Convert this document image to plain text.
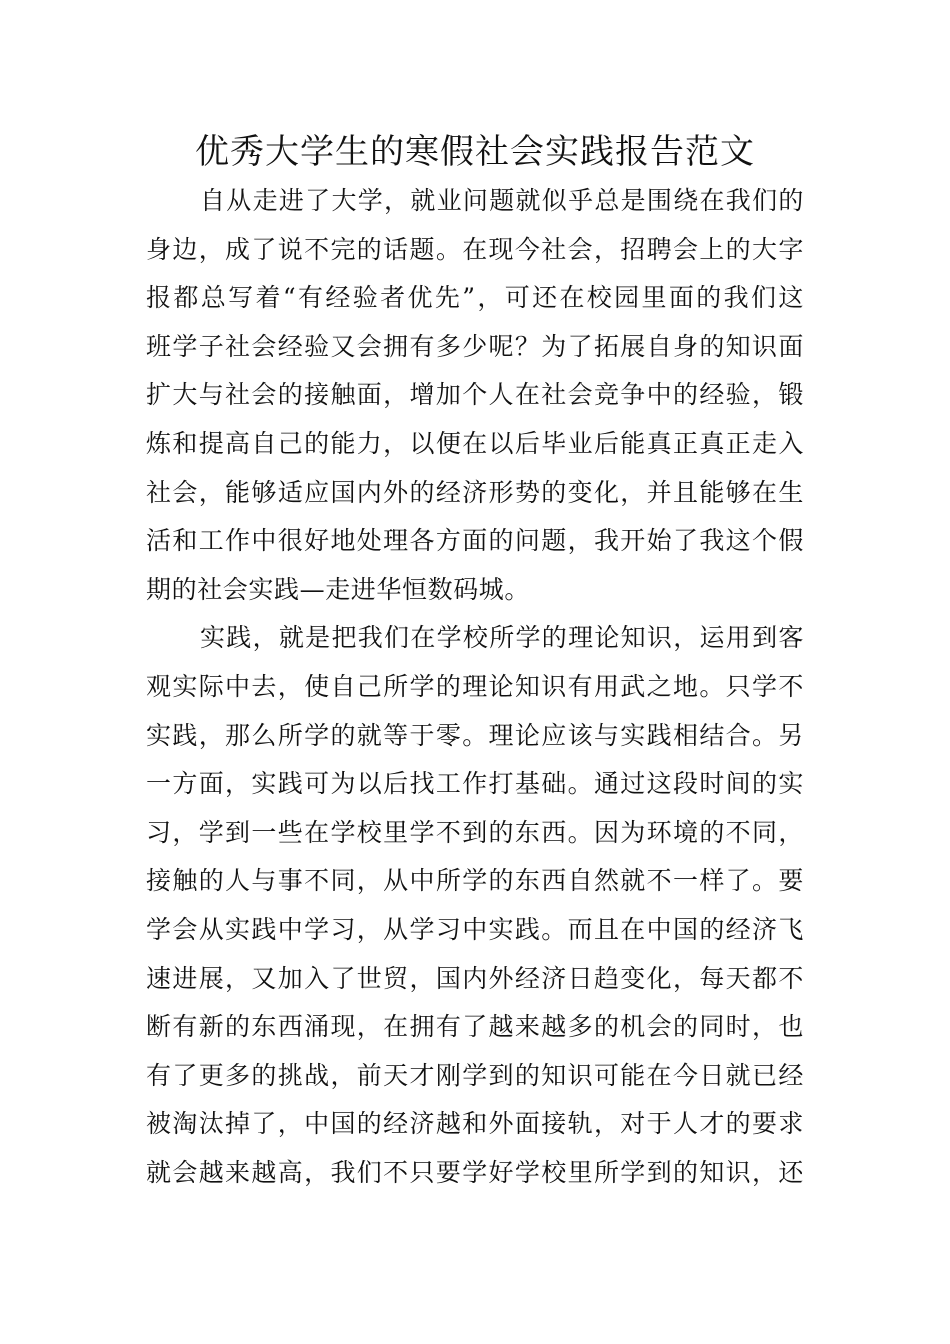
优秀大学生的寒假社会实践报告范文
自从走进了大学，就业问题就似乎总是围绕在我们的
身边，成了说不完的话题。在现今社会，招聘会上的大字
报都总写着“有经验者优先”，可还在校园里面的我们这
班学子社会经验又会拥有多少呢？为了拓展自身的知识面
扩大与社会的接触面，增加个人在社会竞争中的经验，锻
炼和提高自己的能力，以便在以后毕业后能真正真正走入
社会，能够适应国内外的经济形势的变化，并且能够在生
活和工作中很好地处理各方面的问题，我开始了我这个假
期的社会实践—走进华恒数码城。
实践，就是把我们在学校所学的理论知识，运用到客
观实际中去，使自己所学的理论知识有用武之地。只学不
实践，那么所学的就等于零。理论应该与实践相结合。另
一方面，实践可为以后找工作打基础。通过这段时间的实
习，学到一些在学校里学不到的东西。因为环境的不同，
接触的人与事不同，从中所学的东西自然就不一样了。要
学会从实践中学习，从学习中实践。而且在中国的经济飞
速进展，又加入了世贸，国内外经济日趋变化，每天都不
断有新的东西涌现，在拥有了越来越多的机会的同时，也
有了更多的挑战，前天才刚学到的知识可能在今日就已经
被淘汰掉了，中国的经济越和外面接轨，对于人才的要求
就会越来越高，我们不只要学好学校里所学到的知识，还
